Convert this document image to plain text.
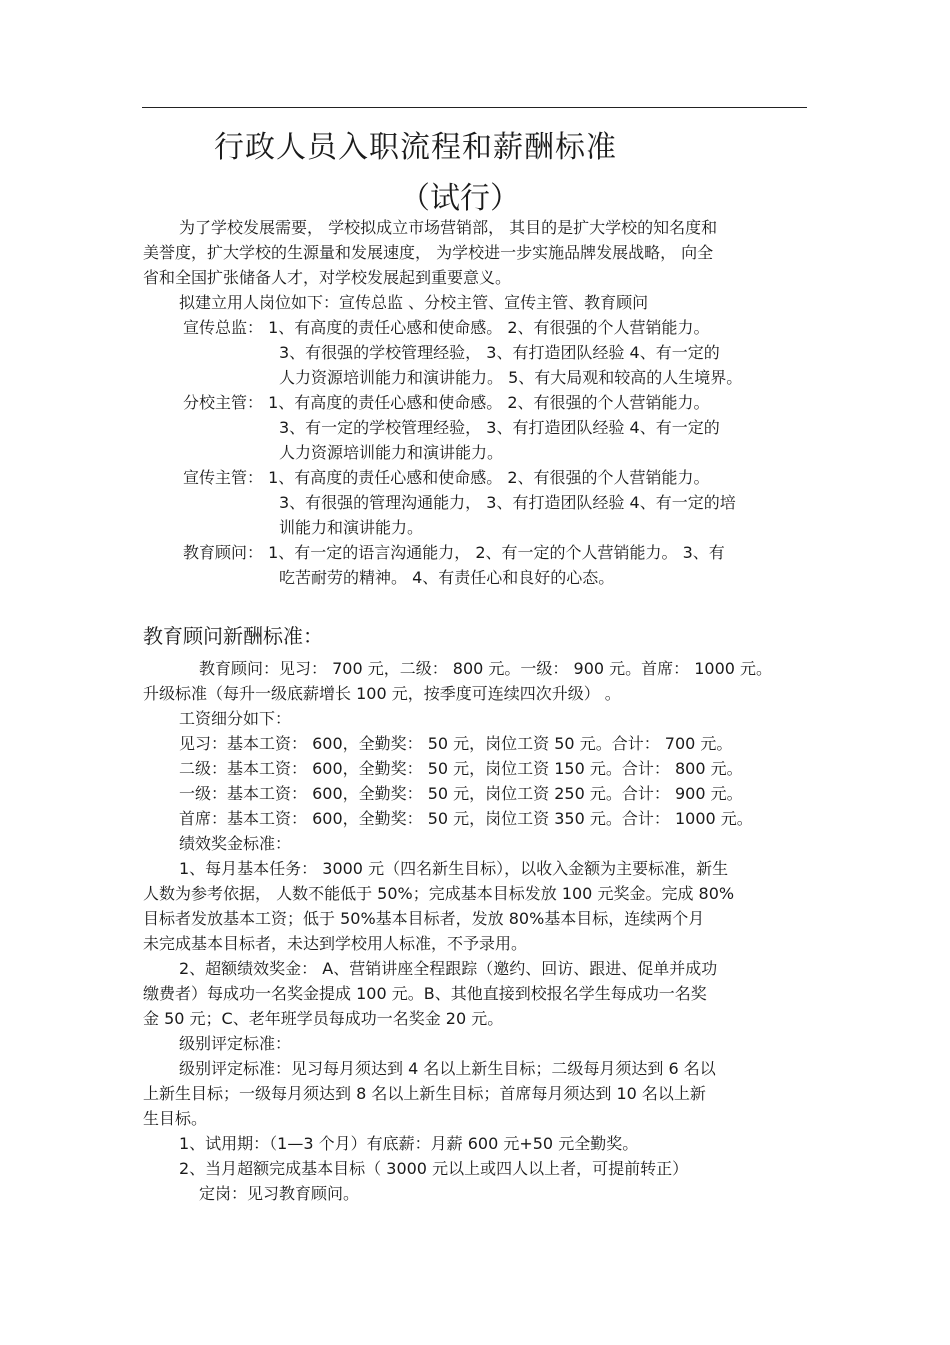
行政人员入职流程和薪酬标准
（试行）
为了学校发展需要， 学校拟成立市场营销部， 其目的是扩大学校的知名度和
美誉度，扩大学校的生源量和发展速度， 为学校进一步实施品牌发展战略， 向全
省和全国扩张储备人才，对学校发展起到重要意义。
拟建立用人岗位如下：宣传总监 、分校主管、宣传主管、教育顾问
宣传总监： 1、有高度的责任心感和使命感。 2、有很强的个人营销能力。
3、有很强的学校管理经验， 3、有打造团队经验 4、有一定的
人力资源培训能力和演讲能力。 5、有大局观和较高的人生境界。
分校主管： 1、有高度的责任心感和使命感。 2、有很强的个人营销能力。
3、有一定的学校管理经验， 3、有打造团队经验 4、有一定的
人力资源培训能力和演讲能力。
宣传主管： 1、有高度的责任心感和使命感。 2、有很强的个人营销能力。
3、有很强的管理沟通能力， 3、有打造团队经验 4、有一定的培
训能力和演讲能力。
教育顾问： 1、有一定的语言沟通能力， 2、有一定的个人营销能力。 3、有
吃苦耐劳的精神。 4、有责任心和良好的心态。
教育顾问新酬标准：
教育顾问：见习： 700 元，二级： 800 元。一级： 900 元。首席： 1000 元。
升级标准（每升一级底薪增长 100 元，按季度可连续四次升级） 。
工资细分如下：
见习：基本工资： 600，全勤奖： 50 元，岗位工资 50 元。合计： 700 元。
二级：基本工资： 600，全勤奖： 50 元，岗位工资 150 元。合计： 800 元。
一级：基本工资： 600，全勤奖： 50 元，岗位工资 250 元。合计： 900 元。
首席：基本工资： 600，全勤奖： 50 元，岗位工资 350 元。合计： 1000 元。
绩效奖金标准：
1、每月基本任务： 3000 元（四名新生目标），以收入金额为主要标准，新生
人数为参考依据， 人数不能低于 50%；完成基本目标发放 100 元奖金。完成 80%
目标者发放基本工资；低于 50%基本目标者，发放 80%基本目标，连续两个月
未完成基本目标者，未达到学校用人标准，不予录用。
2、超额绩效奖金： A、营销讲座全程跟踪（邀约、回访、跟进、促单并成功
缴费者）每成功一名奖金提成 100 元。B、其他直接到校报名学生每成功一名奖
金 50 元；C、老年班学员每成功一名奖金 20 元。
级别评定标准：
级别评定标准：见习每月须达到 4 名以上新生目标；二级每月须达到 6 名以
上新生目标；一级每月须达到 8 名以上新生目标；首席每月须达到 10 名以上新
生目标。
1、试用期：（1—3 个月）有底薪：月薪 600 元+50 元全勤奖。
2、当月超额完成基本目标（ 3000 元以上或四人以上者，可提前转正）
定岗：见习教育顾问。
